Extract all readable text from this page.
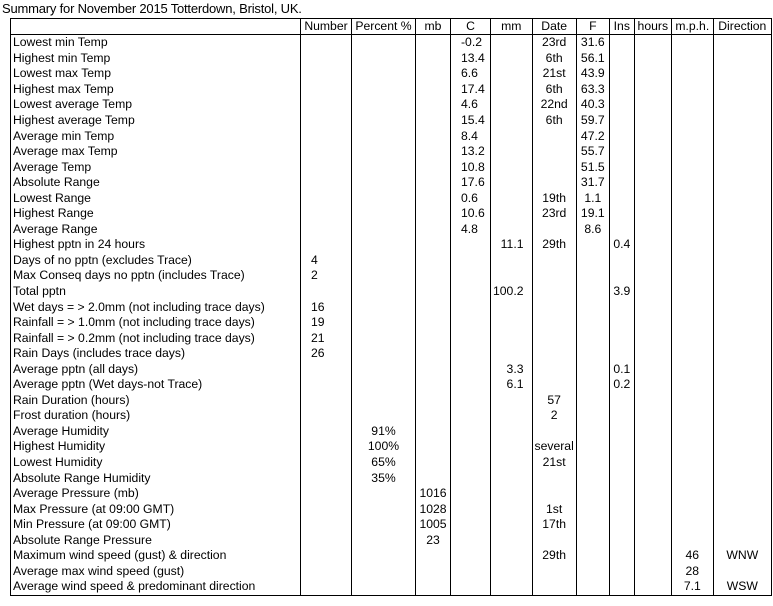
Summary for November 2015 Totterdown, Bristol, UK.
	Number	Percent %	mb	C	mm	Date	F	Ins	hours	m.p.h.	Direction
Lowest min Temp				-0.2		23rd	31.6				
Highest min Temp				13.4		6th	56.1				
Lowest max Temp				6.6		21st	43.9				
Highest max Temp				17.4		6th	63.3				
Lowest average Temp				4.6		22nd	40.3				
Highest average Temp				15.4		6th	59.7				
Average min Temp				8.4			47.2				
Average max Temp				13.2			55.7				
Average Temp				10.8			51.5				
Absolute Range				17.6			31.7				
Lowest Range				0.6		19th	1.1				
Highest Range				10.6		23rd	19.1				
Average Range				4.8			8.6				
Highest pptn in 24 hours					11.1	29th		0.4			
Days of no pptn (excludes Trace)	4										
Max Conseq days no pptn (includes Trace)	2										
Total pptn					100.2			3.9			
Wet days = > 2.0mm (not including trace days)	16										
Rainfall = > 1.0mm (not including trace days)	19										
Rainfall = > 0.2mm (not including trace days)	21										
Rain Days (includes trace days)	26										
Average pptn (all days)					3.3			0.1			
Average pptn (Wet days-not Trace)					6.1			0.2			
Rain Duration (hours)						57					
Frost duration (hours)						2					
Average Humidity		91%									
Highest Humidity		100%				several					
Lowest Humidity		65%				21st					
Absolute Range Humidity		35%									
Average Pressure (mb)			1016								
Max Pressure (at 09:00 GMT)			1028			1st					
Min Pressure (at 09:00 GMT)			1005			17th					
Absolute Range Pressure			23								
Maximum wind speed (gust) & direction						29th				46	WNW
Average max wind speed (gust)										28	
Average wind speed & predominant direction										7.1	WSW
